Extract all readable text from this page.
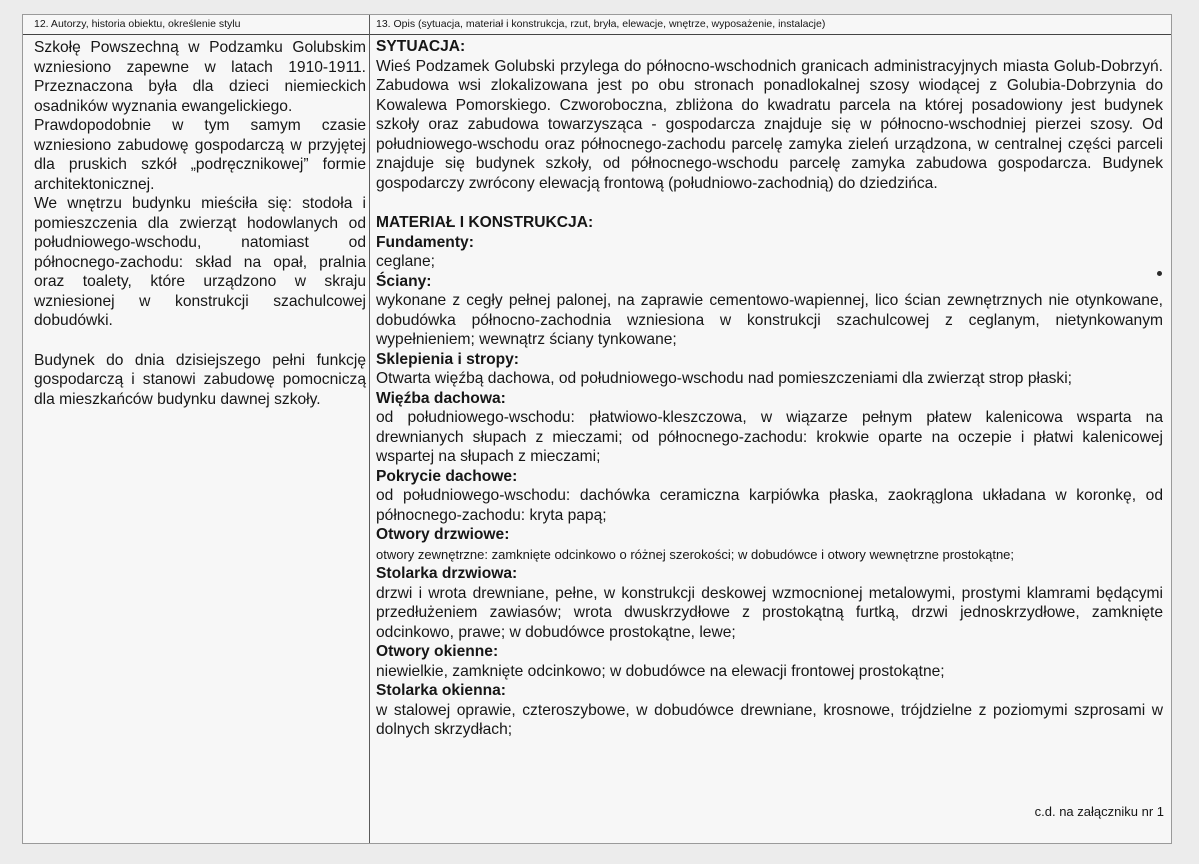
12. Autorzy, historia obiektu, określenie stylu

Szkołę Powszechną w Podzamku Golubskim wzniesiono zapewne w latach 1910-1911. Przeznaczona była dla dzieci niemieckich osadników wyznania ewangelickiego.

Prawdopodobnie w tym samym czasie wzniesiono zabudowę gospodarczą w przyjętej dla pruskich szkół „podręcznikowej” formie architektonicznej.

We wnętrzu budynku mieściła się: stodoła i pomieszczenia dla zwierząt hodowlanych od południowego-wschodu, natomiast od północnego-zachodu: skład na opał, pralnia oraz toalety, które urządzono w skraju wzniesionej w konstrukcji szachulcowej dobudówki.

Budynek do dnia dzisiejszego pełni funkcję gospodarczą i stanowi zabudowę pomocniczą dla mieszkańców budynku dawnej szkoły.

13. Opis (sytuacja, materiał i konstrukcja, rzut, bryła, elewacje, wnętrze, wyposażenie, instalacje)

SYTUACJA:

Wieś Podzamek Golubski przylega do północno-wschodnich granicach administracyjnych miasta Golub-Dobrzyń. Zabudowa wsi zlokalizowana jest po obu stronach ponadlokalnej szosy wiodącej z Golubia-Dobrzynia do Kowalewa Pomorskiego. Czworoboczna, zbliżona do kwadratu parcela na której posadowiony jest budynek szkoły oraz zabudowa towarzysząca - gospodarcza znajduje się w północno-wschodniej pierzei szosy. Od południowego-wschodu oraz północnego-zachodu parcelę zamyka zieleń urządzona, w centralnej części parceli znajduje się budynek szkoły, od północnego-wschodu parcelę zamyka zabudowa gospodarcza. Budynek gospodarczy zwrócony elewacją frontową (południowo-zachodnią) do dziedzińca.

MATERIAŁ I KONSTRUKCJA:

Fundamenty:

ceglane;

Ściany:

wykonane z cegły pełnej palonej, na zaprawie cementowo-wapiennej, lico ścian zewnętrznych nie otynkowane, dobudówka północno-zachodnia wzniesiona w konstrukcji szachulcowej z ceglanym, nietynkowanym wypełnieniem; wewnątrz ściany tynkowane;

Sklepienia i stropy:

Otwarta więźbą dachowa, od południowego-wschodu nad pomieszczeniami dla zwierząt strop płaski;

Więźba dachowa:

od południowego-wschodu: płatwiowo-kleszczowa, w wiązarze pełnym płatew kalenicowa wsparta na drewnianych słupach z mieczami; od północnego-zachodu: krokwie oparte na oczepie i płatwi kalenicowej wspartej na słupach z mieczami;

Pokrycie dachowe:

od południowego-wschodu: dachówka ceramiczna karpiówka płaska, zaokrąglona układana w koronkę, od północnego-zachodu: kryta papą;

Otwory drzwiowe:

otwory zewnętrzne: zamknięte odcinkowo o różnej szerokości; w dobudówce i otwory wewnętrzne prostokątne;

Stolarka drzwiowa:

drzwi i wrota drewniane, pełne, w konstrukcji deskowej wzmocnionej metalowymi, prostymi klamrami będącymi przedłużeniem zawiasów; wrota dwuskrzydłowe z prostokątną furtką, drzwi jednoskrzydłowe, zamknięte odcinkowo, prawe; w dobudówce prostokątne, lewe;

Otwory okienne:

niewielkie, zamknięte odcinkowo; w dobudówce na elewacji frontowej prostokątne;

Stolarka okienna:

w stalowej oprawie, czteroszybowe, w dobudówce drewniane, krosnowe, trójdzielne z poziomymi szprosami w dolnych skrzydłach;

c.d. na załączniku nr 1
